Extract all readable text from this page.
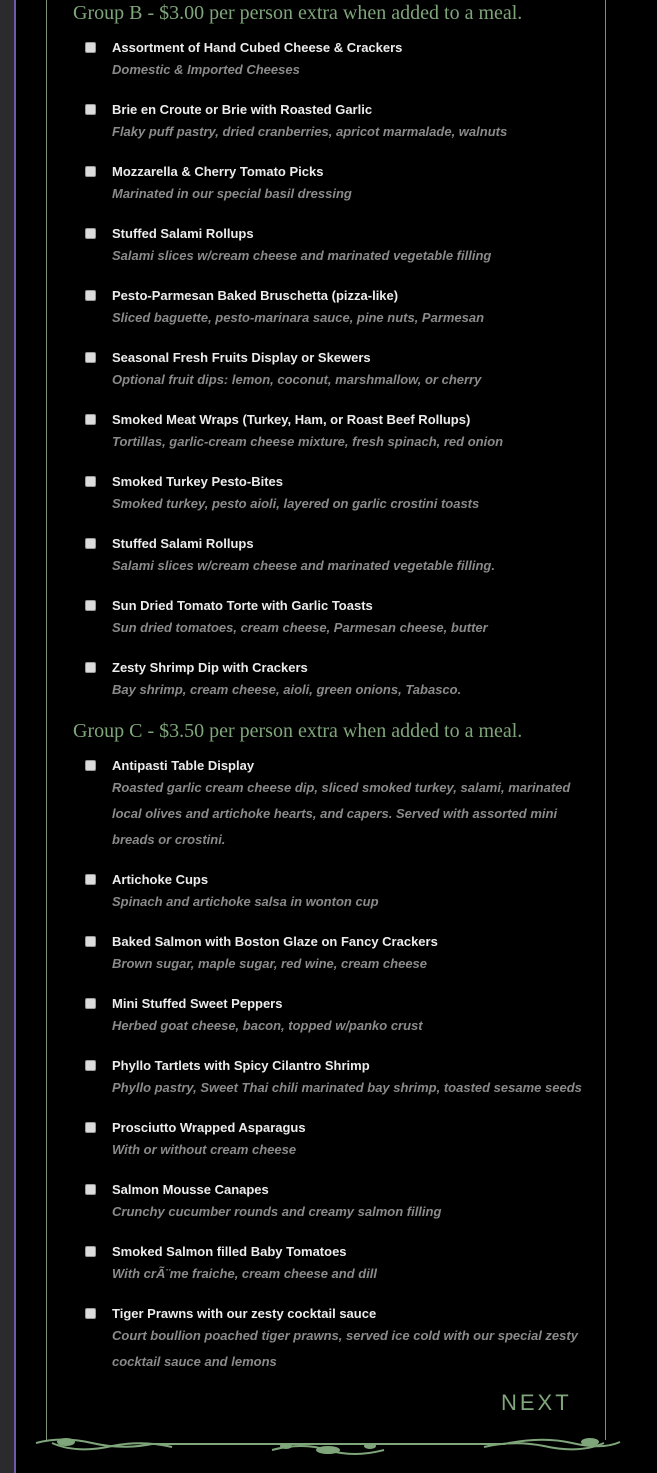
Group B - $3.00 per person extra when added to a meal.
Assortment of Hand Cubed Cheese & Crackers
Domestic & Imported Cheeses
Brie en Croute or Brie with Roasted Garlic
Flaky puff pastry, dried cranberries, apricot marmalade, walnuts
Mozzarella & Cherry Tomato Picks
Marinated in our special basil dressing
Stuffed Salami Rollups
Salami slices w/cream cheese and marinated vegetable filling
Pesto-Parmesan Baked Bruschetta (pizza-like)
Sliced baguette, pesto-marinara sauce, pine nuts, Parmesan
Seasonal Fresh Fruits Display or Skewers
Optional fruit dips: lemon, coconut, marshmallow, or cherry
Smoked Meat Wraps (Turkey, Ham, or Roast Beef Rollups)
Tortillas, garlic-cream cheese mixture, fresh spinach, red onion
Smoked Turkey Pesto-Bites
Smoked turkey, pesto aioli, layered on garlic crostini toasts
Stuffed Salami Rollups
Salami slices w/cream cheese and marinated vegetable filling.
Sun Dried Tomato Torte with Garlic Toasts
Sun dried tomatoes, cream cheese, Parmesan cheese, butter
Zesty Shrimp Dip with Crackers
Bay shrimp, cream cheese, aioli, green onions, Tabasco.
Group C - $3.50 per person extra when added to a meal.
Antipasti Table Display
Roasted garlic cream cheese dip, sliced smoked turkey, salami, marinated local olives and artichoke hearts, and capers. Served with assorted mini breads or crostini.
Artichoke Cups
Spinach and artichoke salsa in wonton cup
Baked Salmon with Boston Glaze on Fancy Crackers
Brown sugar, maple sugar, red wine, cream cheese
Mini Stuffed Sweet Peppers
Herbed goat cheese, bacon, topped w/panko crust
Phyllo Tartlets with Spicy Cilantro Shrimp
Phyllo pastry, Sweet Thai chili marinated bay shrimp, toasted sesame seeds
Prosciutto Wrapped Asparagus
With or without cream cheese
Salmon Mousse Canapes
Crunchy cucumber rounds and creamy salmon filling
Smoked Salmon filled Baby Tomatoes
With crÃ¨me fraiche, cream cheese and dill
Tiger Prawns with our zesty cocktail sauce
Court boullion poached tiger prawns, served ice cold with our special zesty cocktail sauce and lemons
NEXT
